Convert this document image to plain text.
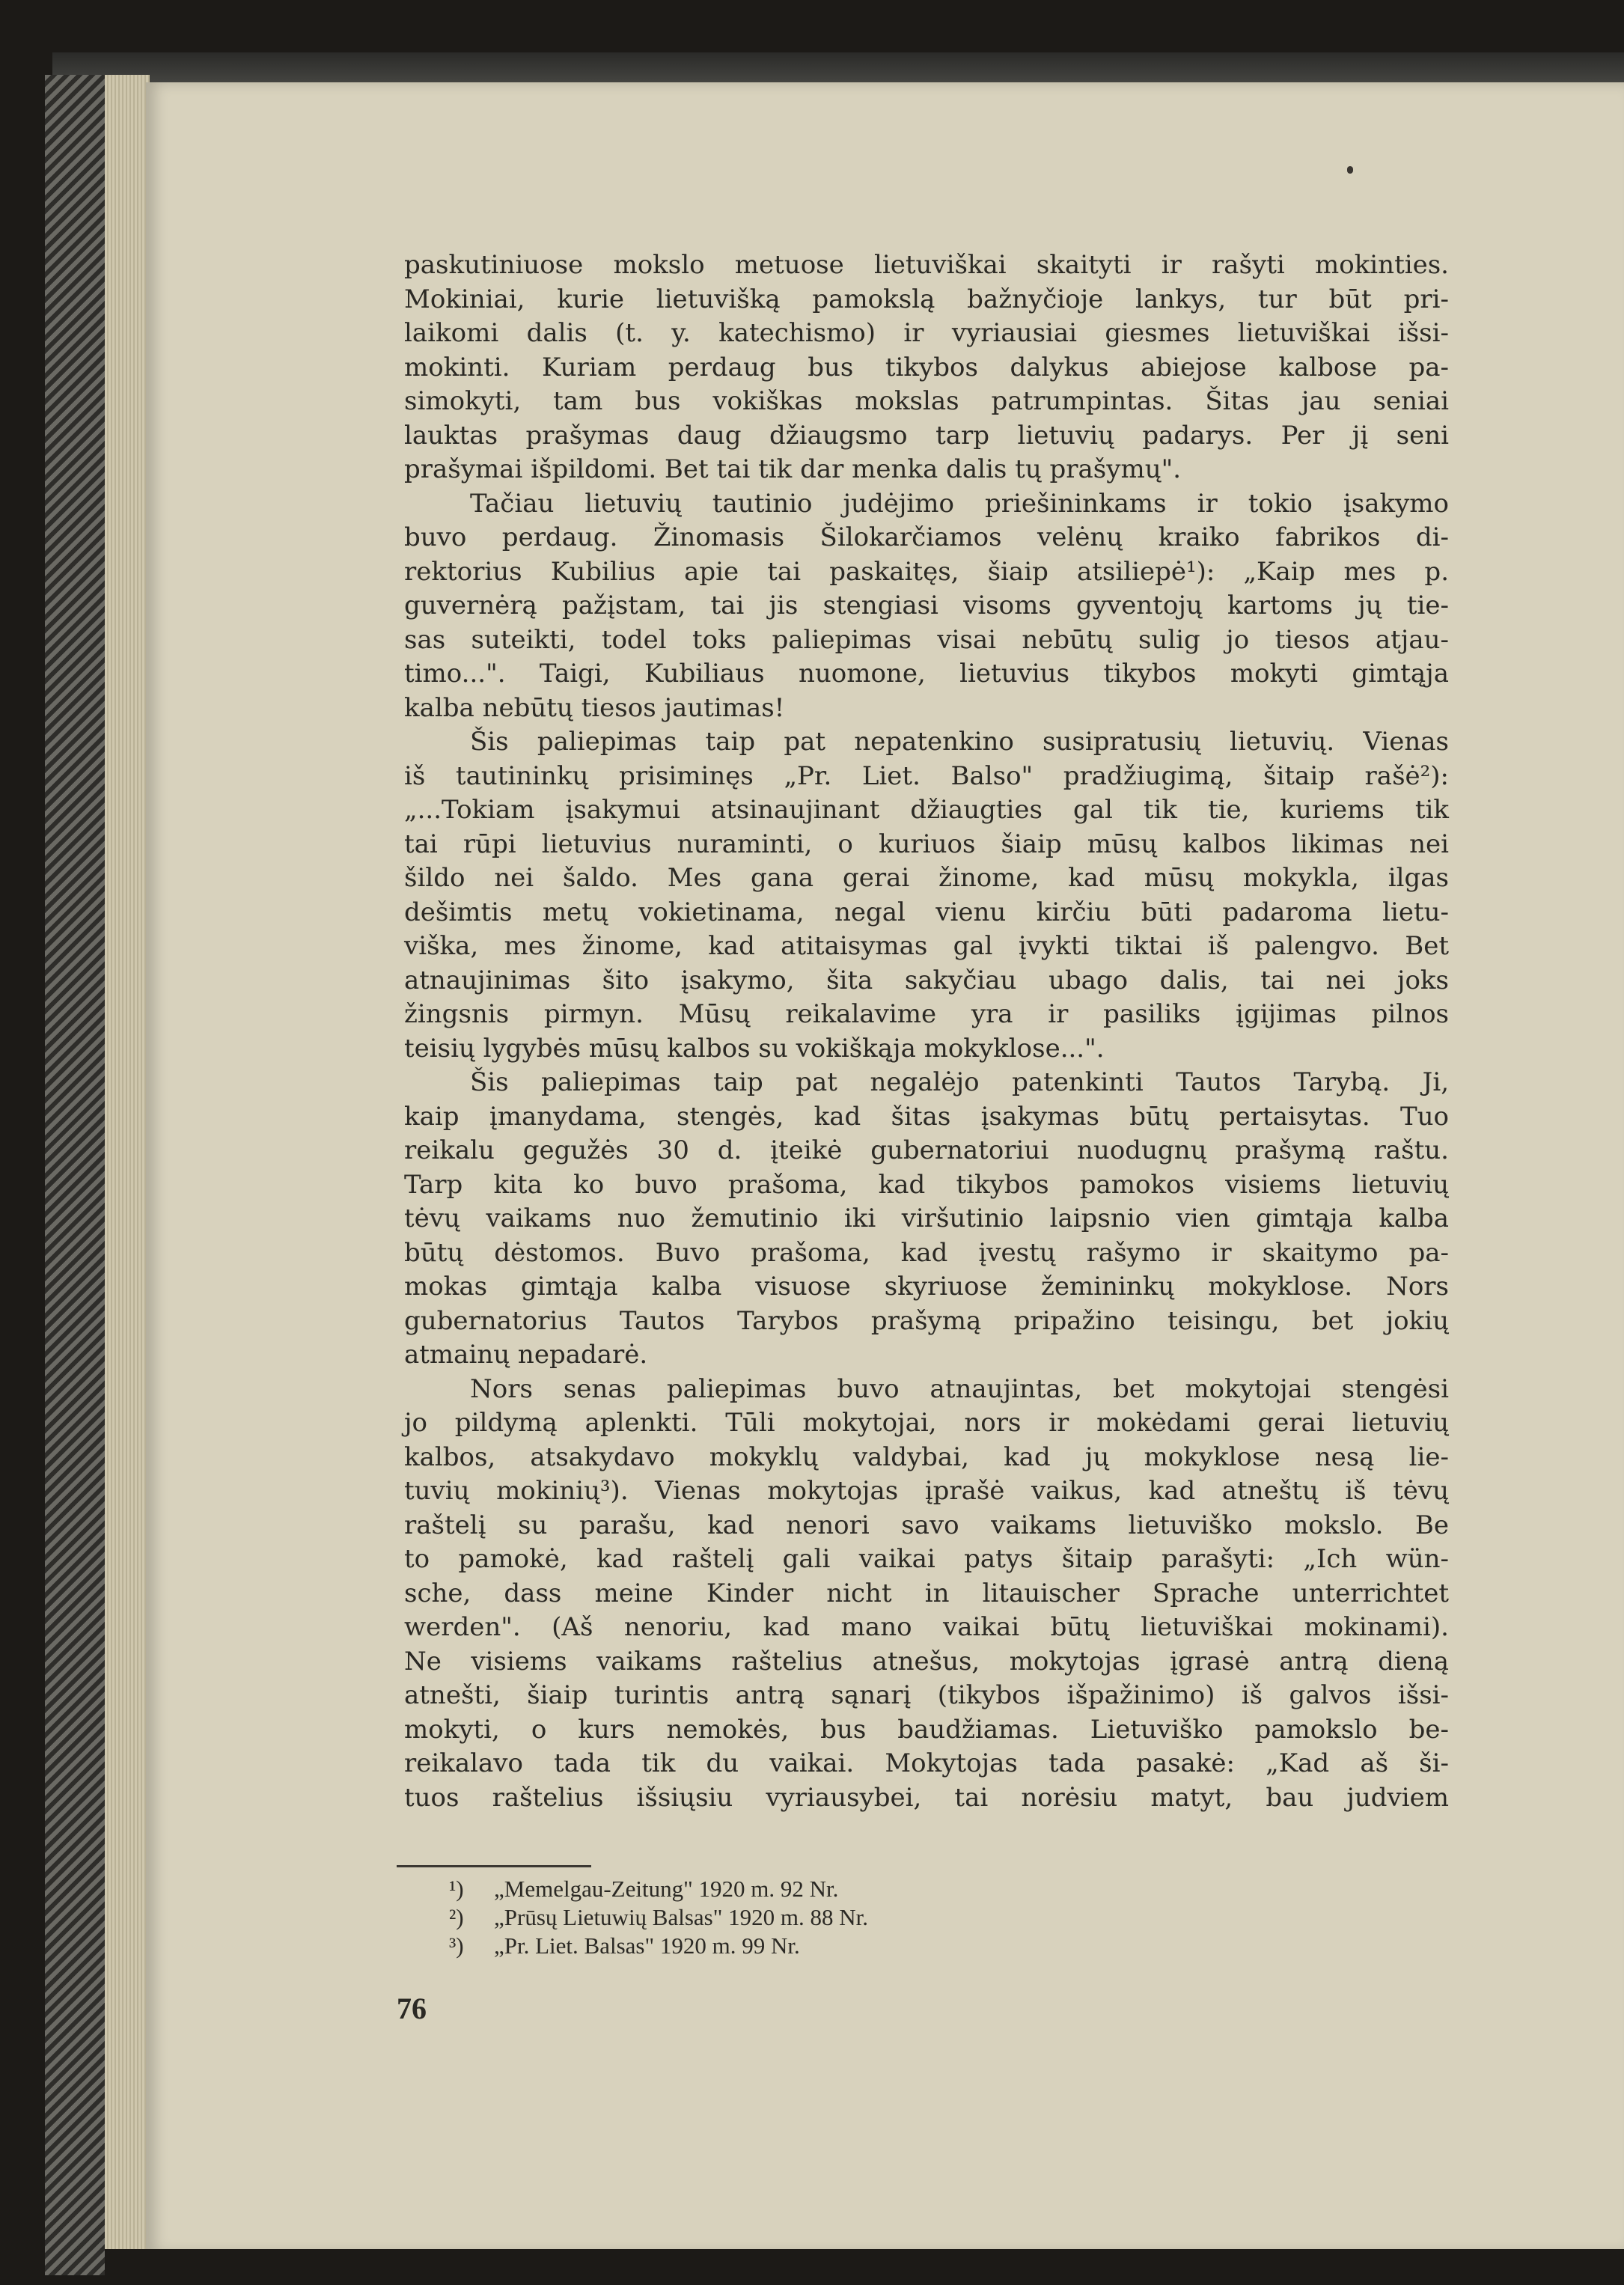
paskutiniuose mokslo metuose lietuviškai skaityti ir rašyti mokinties.
Mokiniai, kurie lietuvišką pamokslą bažnyčioje lankys, tur būt pri-
laikomi dalis (t. y. katechismo) ir vyriausiai giesmes lietuviškai išsi-
mokinti. Kuriam perdaug bus tikybos dalykus abiejose kalbose pa-
simokyti, tam bus vokiškas mokslas patrumpintas. Šitas jau seniai
lauktas prašymas daug džiaugsmo tarp lietuvių padarys. Per jį seni
prašymai išpildomi. Bet tai tik dar menka dalis tų prašymų".
Tačiau lietuvių tautinio judėjimo priešininkams ir tokio įsakymo
buvo perdaug. Žinomasis Šilokarčiamos velėnų kraiko fabrikos di-
rektorius Kubilius apie tai paskaitęs, šiaip atsiliepė¹): „Kaip mes p.
guvernėrą pažįstam, tai jis stengiasi visoms gyventojų kartoms jų tie-
sas suteikti, todel toks paliepimas visai nebūtų sulig jo tiesos atjau-
timo...". Taigi, Kubiliaus nuomone, lietuvius tikybos mokyti gimtąja
kalba nebūtų tiesos jautimas!
Šis paliepimas taip pat nepatenkino susipratusių lietuvių. Vienas
iš tautininkų prisiminęs „Pr. Liet. Balso" pradžiugimą, šitaip rašė²):
„...Tokiam įsakymui atsinaujinant džiaugties gal tik tie, kuriems tik
tai rūpi lietuvius nuraminti, o kuriuos šiaip mūsų kalbos likimas nei
šildo nei šaldo. Mes gana gerai žinome, kad mūsų mokykla, ilgas
dešimtis metų vokietinama, negal vienu kirčiu būti padaroma lietu-
viška, mes žinome, kad atitaisymas gal įvykti tiktai iš palengvo. Bet
atnaujinimas šito įsakymo, šita sakyčiau ubago dalis, tai nei joks
žingsnis pirmyn. Mūsų reikalavime yra ir pasiliks įgijimas pilnos
teisių lygybės mūsų kalbos su vokiškąja mokyklose...".
Šis paliepimas taip pat negalėjo patenkinti Tautos Tarybą. Ji,
kaip įmanydama, stengės, kad šitas įsakymas būtų pertaisytas. Tuo
reikalu gegužės 30 d. įteikė gubernatoriui nuodugnų prašymą raštu.
Tarp kita ko buvo prašoma, kad tikybos pamokos visiems lietuvių
tėvų vaikams nuo žemutinio iki viršutinio laipsnio vien gimtąja kalba
būtų dėstomos. Buvo prašoma, kad įvestų rašymo ir skaitymo pa-
mokas gimtąja kalba visuose skyriuose žemininkų mokyklose. Nors
gubernatorius Tautos Tarybos prašymą pripažino teisingu, bet jokių
atmainų nepadarė.
Nors senas paliepimas buvo atnaujintas, bet mokytojai stengėsi
jo pildymą aplenkti. Tūli mokytojai, nors ir mokėdami gerai lietuvių
kalbos, atsakydavo mokyklų valdybai, kad jų mokyklose nesą lie-
tuvių mokinių³). Vienas mokytojas įprašė vaikus, kad atneštų iš tėvų
raštelį su parašu, kad nenori savo vaikams lietuviško mokslo. Be
to pamokė, kad raštelį gali vaikai patys šitaip parašyti: „Ich wün-
sche, dass meine Kinder nicht in litauischer Sprache unterrichtet
werden". (Aš nenoriu, kad mano vaikai būtų lietuviškai mokinami).
Ne visiems vaikams raštelius atnešus, mokytojas įgrasė antrą dieną
atnešti, šiaip turintis antrą sąnarį (tikybos išpažinimo) iš galvos išsi-
mokyti, o kurs nemokės, bus baudžiamas. Lietuviško pamokslo be-
reikalavo tada tik du vaikai. Mokytojas tada pasakė: „Kad aš ši-
tuos raštelius išsiųsiu vyriausybei, tai norėsiu matyt, bau judviem
¹) „Memelgau-Zeitung" 1920 m. 92 Nr.
²) „Prūsų Lietuwių Balsas" 1920 m. 88 Nr.
³) „Pr. Liet. Balsas" 1920 m. 99 Nr.
76
